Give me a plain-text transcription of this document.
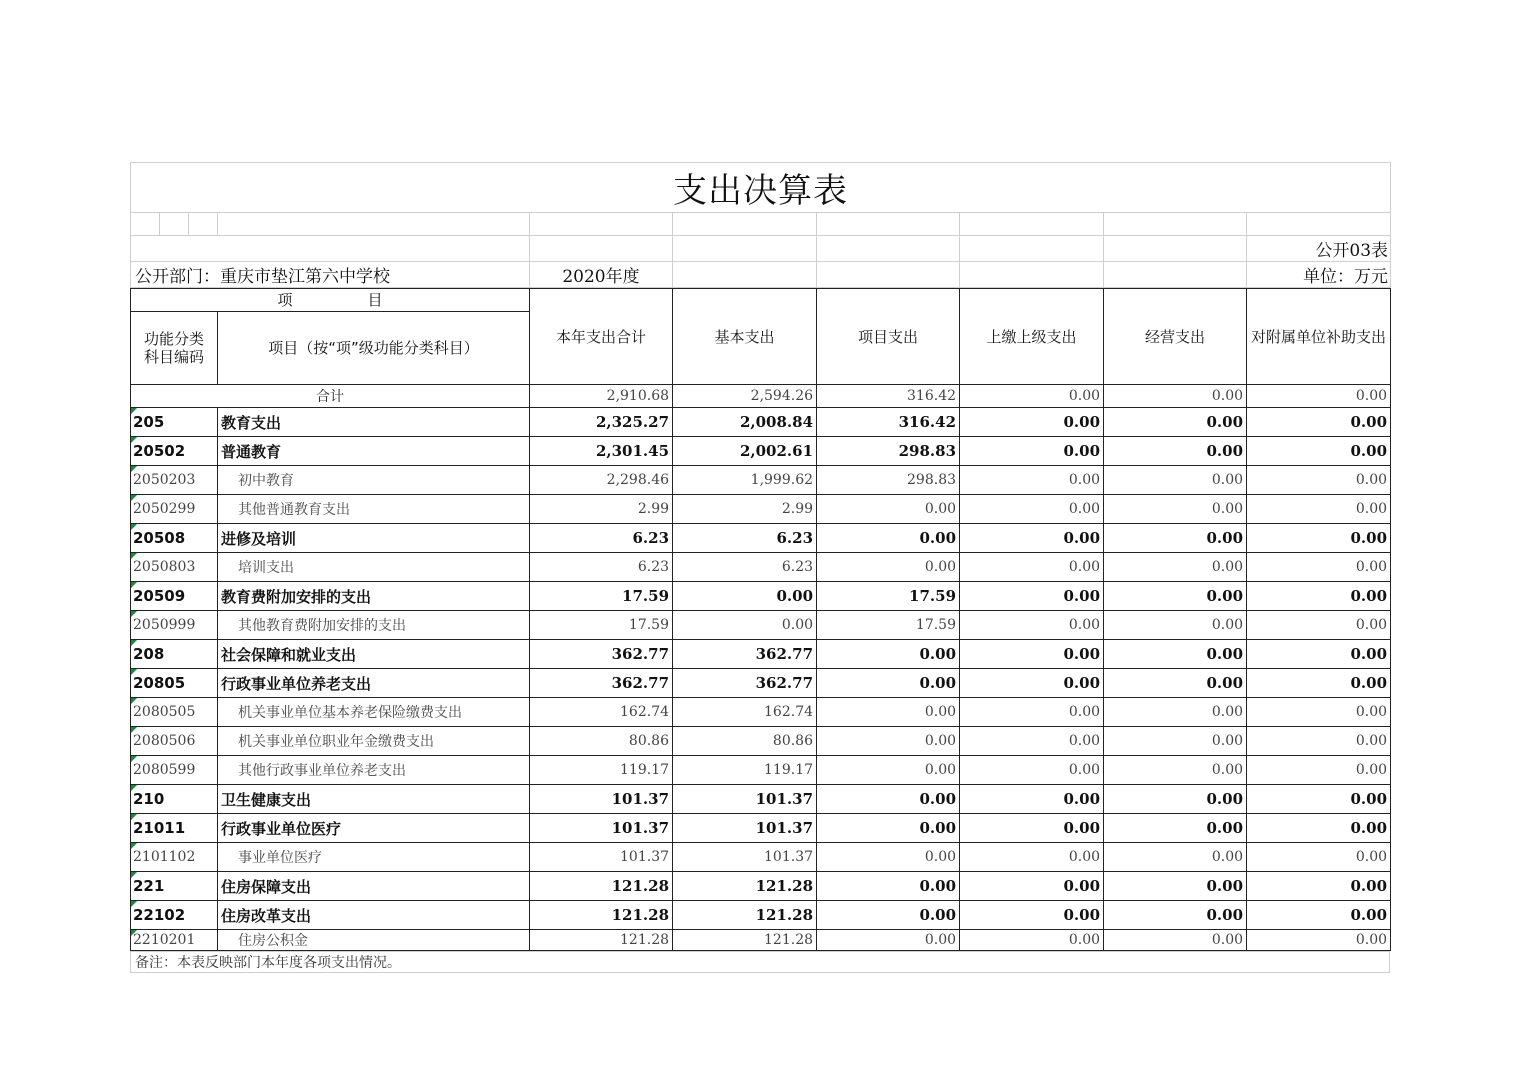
支出决算表									

									公开03表
公开部门：重庆市垫江第六中学校				2020年度					单位：万元
项　　　　　目		本年支出合计	基本支出	项目支出	上缴上级支出	经营支出	对附属单位补助支出
功能分类
科目编码	项目（按“项”级功能分类科目）						
合计		2,910.68	2,594.26	316.42	0.00	0.00	0.00
205	教育支出	2,325.27	2,008.84	316.42	0.00	0.00	0.00
20502	普通教育	2,301.45	2,002.61	298.83	0.00	0.00	0.00
2050203	初中教育	2,298.46	1,999.62	298.83	0.00	0.00	0.00
2050299	其他普通教育支出	2.99	2.99	0.00	0.00	0.00	0.00
20508	进修及培训	6.23	6.23	0.00	0.00	0.00	0.00
2050803	培训支出	6.23	6.23	0.00	0.00	0.00	0.00
20509	教育费附加安排的支出	17.59	0.00	17.59	0.00	0.00	0.00
2050999	其他教育费附加安排的支出	17.59	0.00	17.59	0.00	0.00	0.00
208	社会保障和就业支出	362.77	362.77	0.00	0.00	0.00	0.00
20805	行政事业单位养老支出	362.77	362.77	0.00	0.00	0.00	0.00
2080505	机关事业单位基本养老保险缴费支出	162.74	162.74	0.00	0.00	0.00	0.00
2080506	机关事业单位职业年金缴费支出	80.86	80.86	0.00	0.00	0.00	0.00
2080599	其他行政事业单位养老支出	119.17	119.17	0.00	0.00	0.00	0.00
210	卫生健康支出	101.37	101.37	0.00	0.00	0.00	0.00
21011	行政事业单位医疗	101.37	101.37	0.00	0.00	0.00	0.00
2101102	事业单位医疗	101.37	101.37	0.00	0.00	0.00	0.00
221	住房保障支出	121.28	121.28	0.00	0.00	0.00	0.00
22102	住房改革支出	121.28	121.28	0.00	0.00	0.00	0.00
2210201	住房公积金	121.28	121.28	0.00	0.00	0.00	0.00
备注：本表反映部门本年度各项支出情况。
